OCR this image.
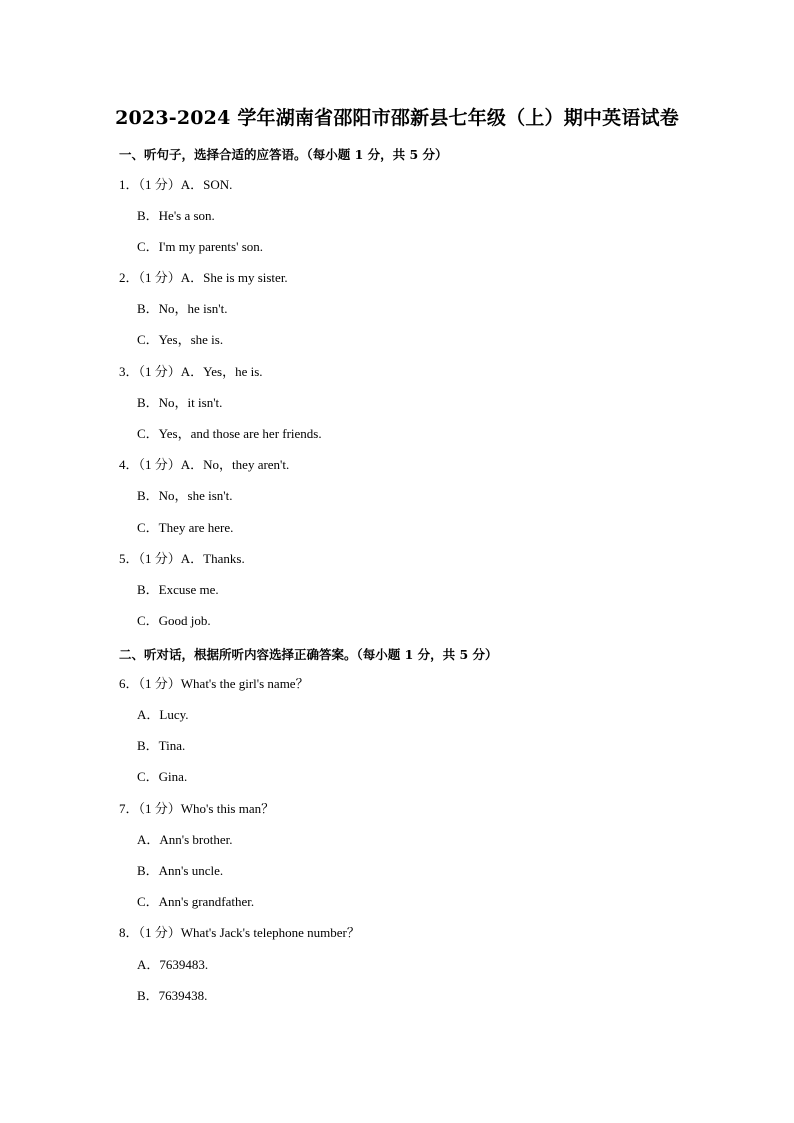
2023-2024 学年湖南省邵阳市邵新县七年级（上）期中英语试卷
一、听句子，选择合适的应答语。（每小题 1 分，共 5 分）
1．（1 分）A．SON.
B．He's a son.
C．I'm my parents' son.
2．（1 分）A．She is my sister.
B．No，he isn't.
C．Yes，she is.
3．（1 分）A．Yes，he is.
B．No，it isn't.
C．Yes，and those are her friends.
4．（1 分）A．No，they aren't.
B．No，she isn't.
C．They are here.
5．（1 分）A．Thanks.
B．Excuse me.
C．Good job.
二、听对话，根据所听内容选择正确答案。（每小题 1 分，共 5 分）
6．（1 分）What's the girl's name？
A．Lucy.
B．Tina.
C．Gina.
7．（1 分）Who's this man？
A．Ann's brother.
B．Ann's uncle.
C．Ann's grandfather.
8．（1 分）What's Jack's telephone number？
A．7639483.
B．7639438.
